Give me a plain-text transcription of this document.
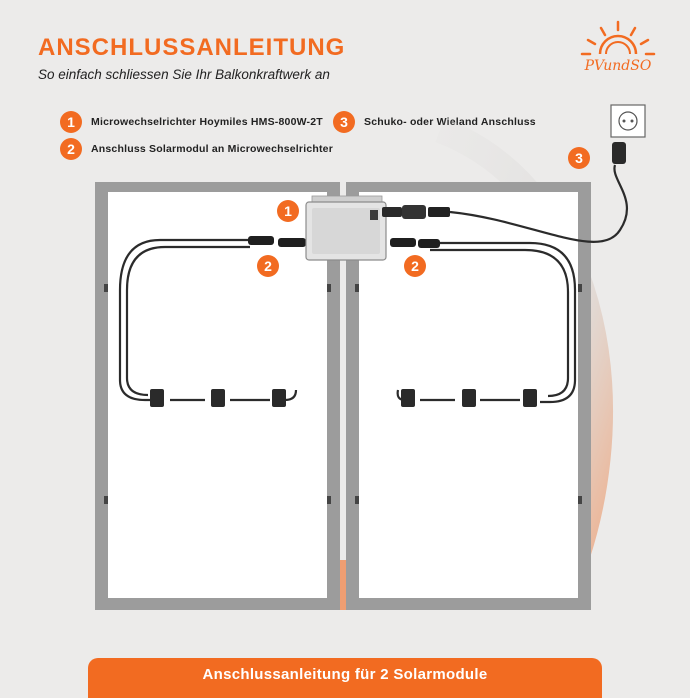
ANSCHLUSSANLEITUNG
So einfach schliessen Sie Ihr Balkonkraftwerk an
PVundSO
1	Microwechselrichter Hoymiles HMS-800W-2T
2	Anschluss Solarmodul an Microwechselrichter
3	Schuko- oder Wieland Anschluss
1
2	2
3
Anschlussanleitung für 2 Solarmodule
